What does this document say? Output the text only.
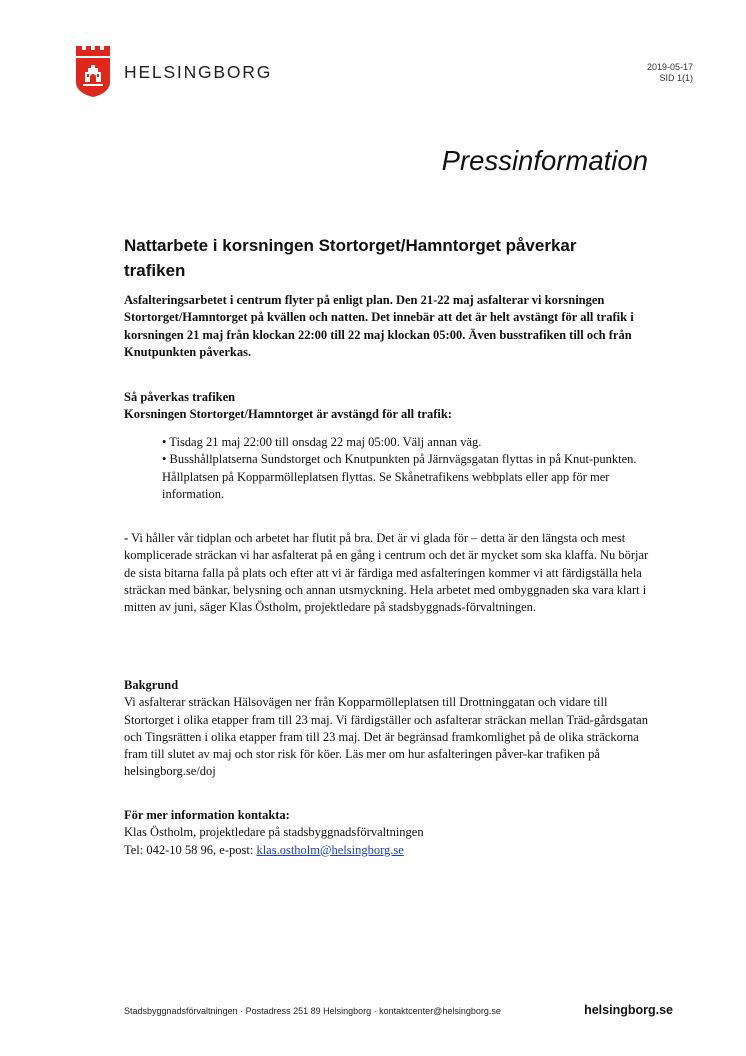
HELSINGBORG	2019-05-17
SID 1(1)
Pressinformation
Nattarbete i korsningen Stortorget/Hamntorget påverkar trafiken
Asfalteringsarbetet i centrum flyter på enligt plan. Den 21-22 maj asfalterar vi korsningen Stortorget/Hamntorget på kvällen och natten. Det innebär att det är helt avstängt för all trafik i korsningen 21 maj från klockan 22:00 till 22 maj klockan 05:00. Även busstrafiken till och från Knutpunkten påverkas.
Så påverkas trafiken
Korsningen Stortorget/Hamntorget är avstängd för all trafik:
• Tisdag 21 maj 22:00 till onsdag 22 maj 05:00. Välj annan väg.
• Busshållplatserna Sundstorget och Knutpunkten på Järnvägsgatan flyttas in på Knut-punkten. Hållplatsen på Kopparmölleplatsen flyttas. Se Skånetrafikens webbplats eller app för mer information.
- Vi håller vår tidplan och arbetet har flutit på bra. Det är vi glada för – detta är den längsta och mest komplicerade sträckan vi har asfalterat på en gång i centrum och det är mycket som ska klaffa. Nu börjar de sista bitarna falla på plats och efter att vi är färdiga med asfalteringen kommer vi att färdigställa hela sträckan med bänkar, belysning och annan utsmyckning. Hela arbetet med ombyggnaden ska vara klart i mitten av juni, säger Klas Östholm, projektledare på stadsbyggnads-förvaltningen.
Bakgrund
Vi asfalterar sträckan Hälsovägen ner från Kopparmölleplatsen till Drottninggatan och vidare till Stortorget i olika etapper fram till 23 maj. Vi färdigställer och asfalterar sträckan mellan Träd-gårdsgatan och Tingsrätten i olika etapper fram till 23 maj. Det är begränsad framkomlighet på de olika sträckorna fram till slutet av maj och stor risk för köer. Läs mer om hur asfalteringen påver-kar trafiken på helsingborg.se/doj
För mer information kontakta:
Klas Östholm, projektledare på stadsbyggnadsförvaltningen
Tel: 042-10 58 96, e-post: klas.ostholm@helsingborg.se
Stadsbyggnadsförvaltningen · Postadress 251 89 Helsingborg · kontaktcenter@helsingborg.se	helsingborg.se
